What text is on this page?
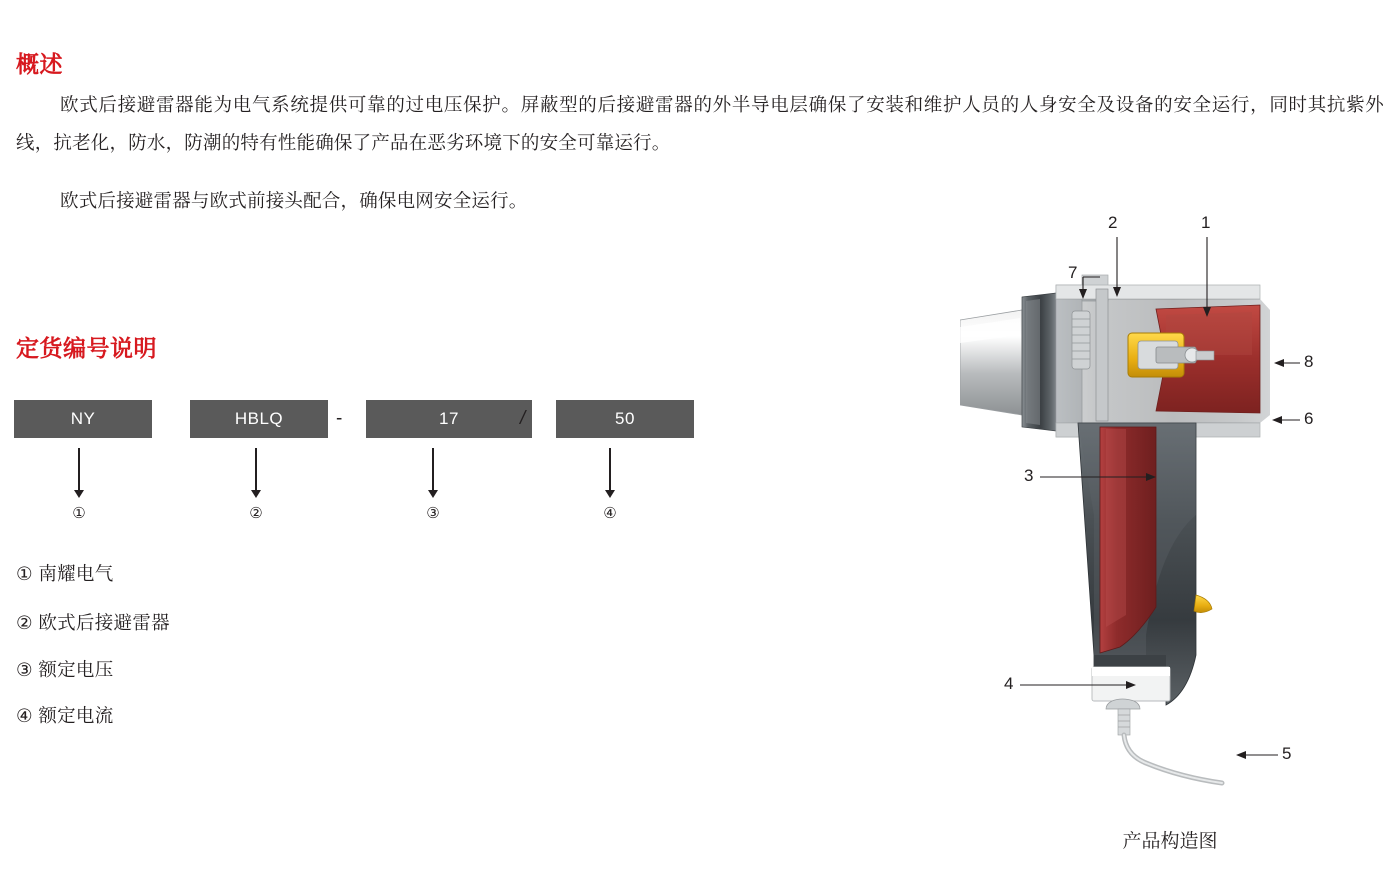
概述
欧式后接避雷器能为电气系统提供可靠的过电压保护。屏蔽型的后接避雷器的外半导电层确保了安装和维护人员的人身安全及设备的安全运行，同时其抗紫外线，抗老化，防水，防潮的特有性能确保了产品在恶劣环境下的安全可靠运行。
欧式后接避雷器与欧式前接头配合，确保电网安全运行。
定货编号说明
NY	HBLQ	17	50
-	/
①	②	③	④
① 南耀电气
② 欧式后接避雷器
③ 额定电压
④ 额定电流
2	1
7
8
6
3
4
5
产品构造图
